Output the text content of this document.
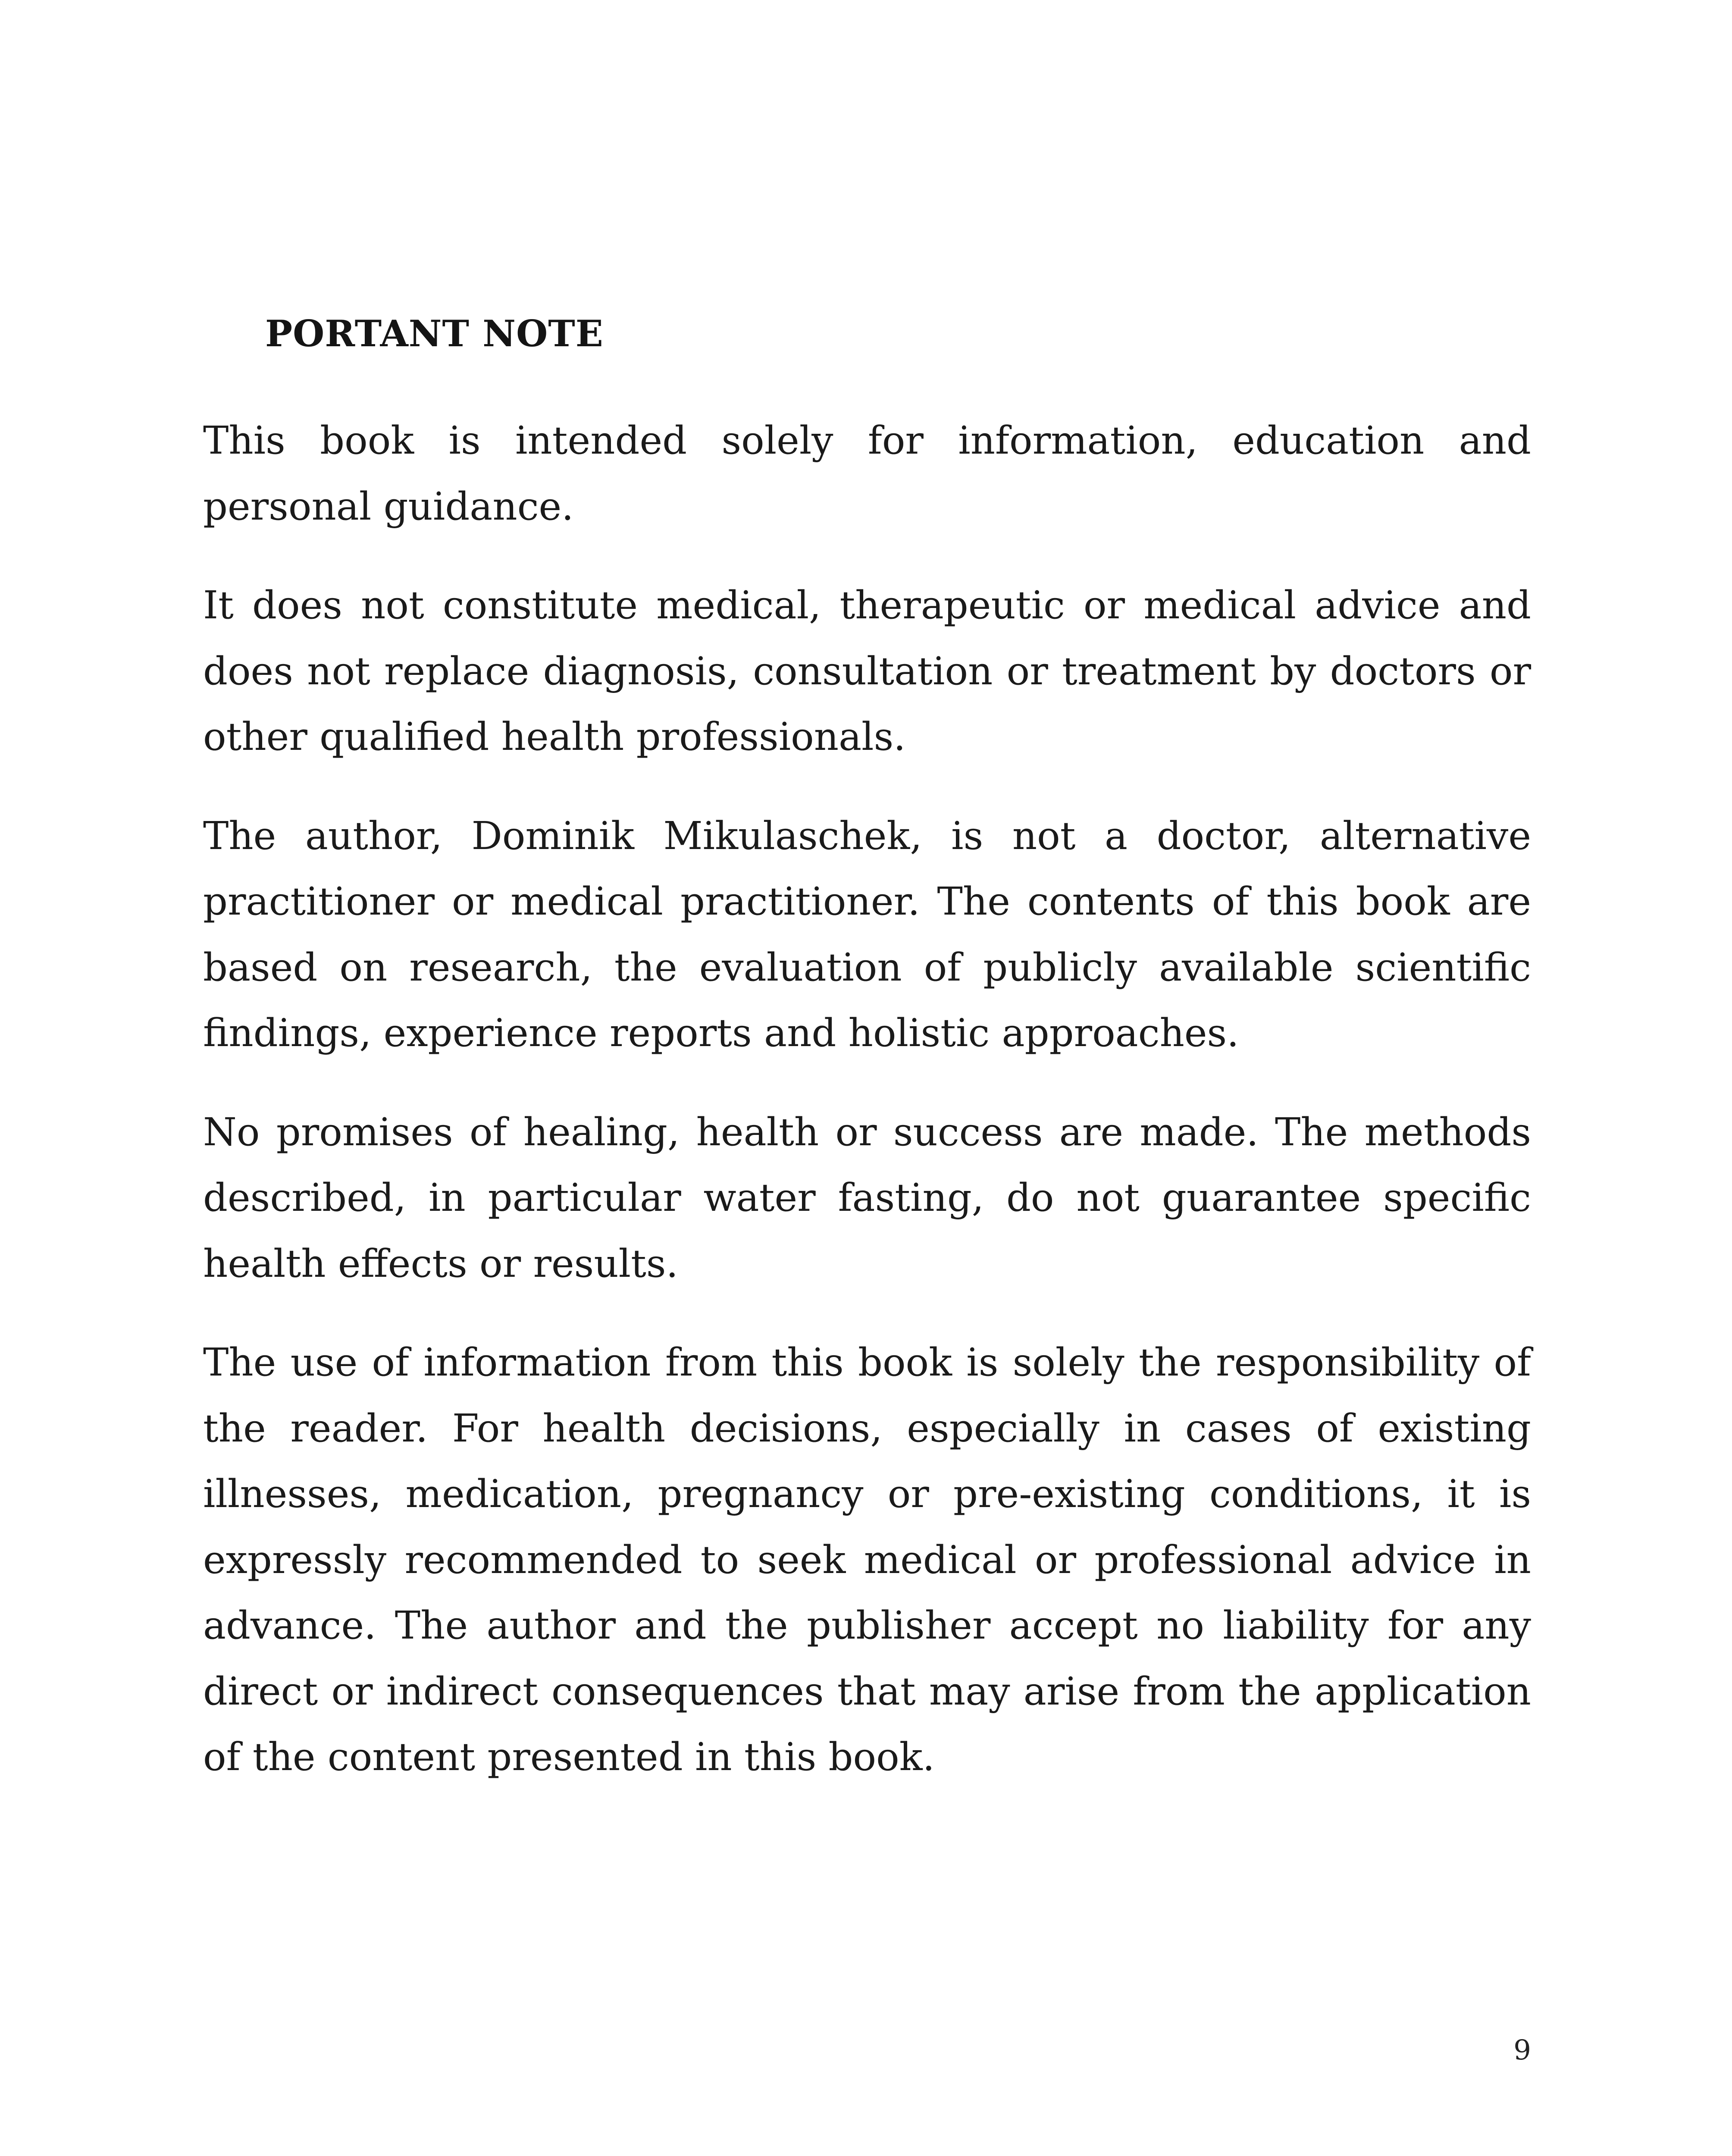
PORTANT NOTE

This book is intended solely for information, education and personal guidance.

It does not constitute medical, therapeutic or medical advice and does not replace diagnosis, consultation or treatment by doctors or other qualified health professionals.

The author, Dominik Mikulaschek, is not a doctor, alternative practitioner or medical practitioner. The contents of this book are based on research, the evaluation of publicly available scientific findings, experience reports and holistic approaches.

No promises of healing, health or success are made. The methods described, in particular water fasting, do not guarantee specific health effects or results.

The use of information from this book is solely the responsibility of the reader. For health decisions, especially in cases of existing illnesses, medication, pregnancy or pre-existing conditions, it is expressly recommended to seek medical or professional advice in advance. The author and the publisher accept no liability for any direct or indirect consequences that may arise from the application of the content presented in this book.

9
